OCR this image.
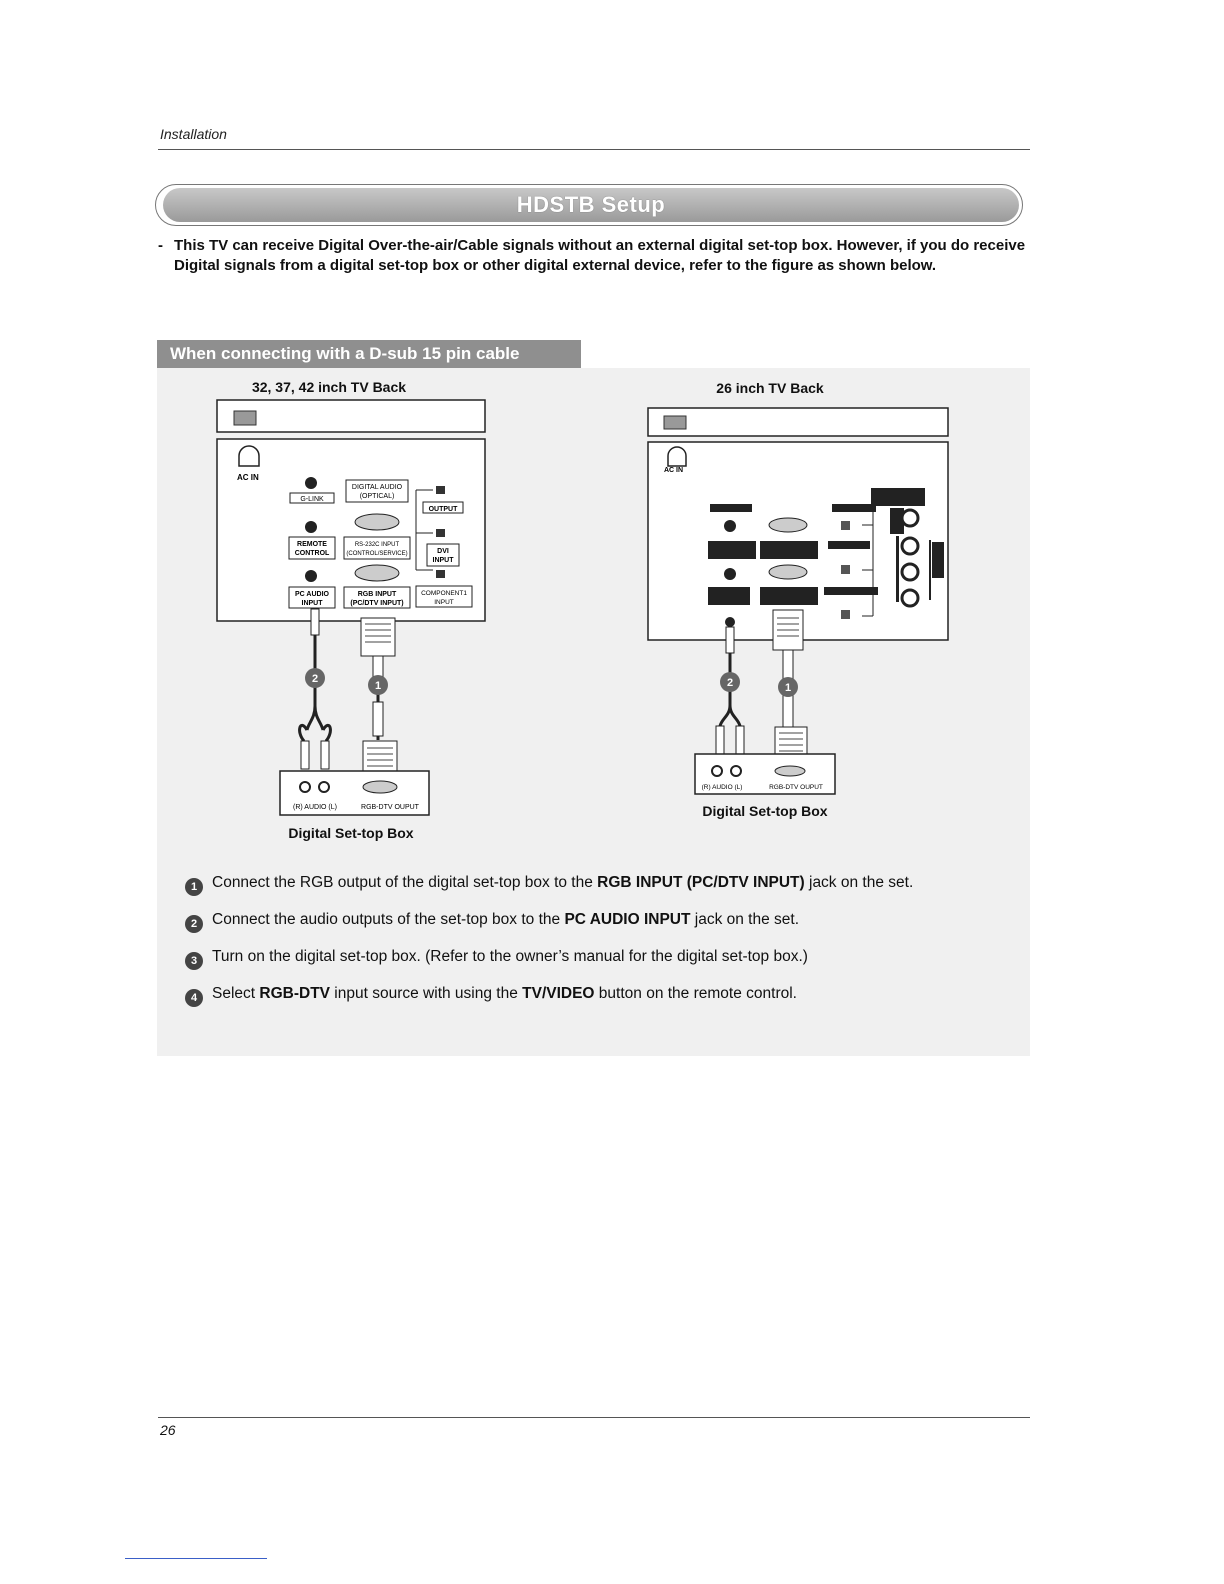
Installation
HDSTB Setup
- This TV can receive Digital Over-the-air/Cable signals without an external digital set-top box. However, if you do receive Digital signals from a digital set-top box or other digital external device, refer to the figure as shown below.
When connecting with a D-sub 15 pin cable
32, 37, 42 inch TV Back
AC IN
G-LINK
DIGITAL AUDIO
(OPTICAL)
OUTPUT
REMOTE
CONTROL
RS-232C INPUT
(CONTROL/SERVICE)	DVI
INPUT
PC AUDIO
INPUT
RGB INPUT
(PC/DTV INPUT)
COMPONENT1
INPUT
2
1
(R) AUDIO (L)	RGB-DTV OUPUT
Digital Set-top Box
26 inch TV Back
AC IN
2	1
(R) AUDIO (L)	RGB-DTV OUPUT
Digital Set-top Box
1 Connect the RGB output of the digital set-top box to the RGB INPUT (PC/DTV INPUT) jack on the set.
2 Connect the audio outputs of the set-top box to the PC AUDIO INPUT jack on the set.
3 Turn on the digital set-top box. (Refer to the owner’s manual for the digital set-top box.)
4 Select RGB-DTV input source with using the TV/VIDEO button on the remote control.
26
